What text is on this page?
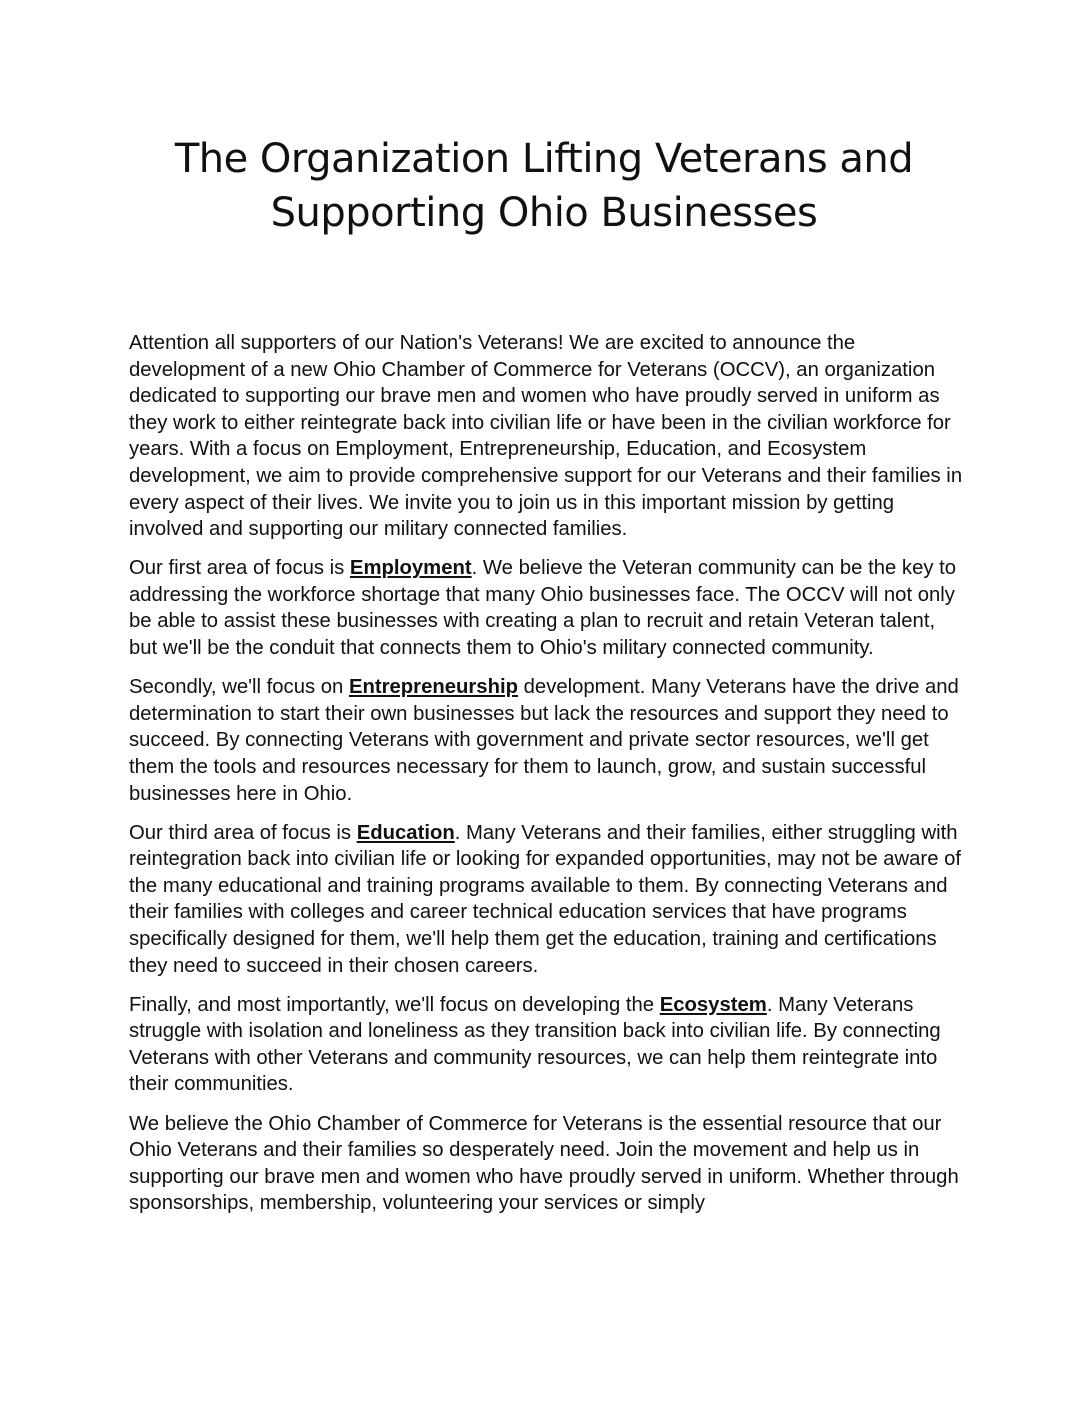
The Organization Lifting Veterans and
Supporting Ohio Businesses

Attention all supporters of our Nation's Veterans! We are excited to announce the development of a new Ohio Chamber of Commerce for Veterans (OCCV), an organization dedicated to supporting our brave men and women who have proudly served in uniform as they work to either reintegrate back into civilian life or have been in the civilian workforce for years. With a focus on Employment, Entrepreneurship, Education, and Ecosystem development, we aim to provide comprehensive support for our Veterans and their families in every aspect of their lives. We invite you to join us in this important mission by getting involved and supporting our military connected families.

Our first area of focus is Employment. We believe the Veteran community can be the key to addressing the workforce shortage that many Ohio businesses face. The OCCV will not only be able to assist these businesses with creating a plan to recruit and retain Veteran talent, but we'll be the conduit that connects them to Ohio's military connected community.

Secondly, we'll focus on Entrepreneurship development. Many Veterans have the drive and determination to start their own businesses but lack the resources and support they need to succeed. By connecting Veterans with government and private sector resources, we'll get them the tools and resources necessary for them to launch, grow, and sustain successful businesses here in Ohio.

Our third area of focus is Education. Many Veterans and their families, either struggling with reintegration back into civilian life or looking for expanded opportunities, may not be aware of the many educational and training programs available to them. By connecting Veterans and their families with colleges and career technical education services that have programs specifically designed for them, we'll help them get the education, training and certifications they need to succeed in their chosen careers.

Finally, and most importantly, we'll focus on developing the Ecosystem. Many Veterans struggle with isolation and loneliness as they transition back into civilian life. By connecting Veterans with other Veterans and community resources, we can help them reintegrate into their communities.

We believe the Ohio Chamber of Commerce for Veterans is the essential resource that our Ohio Veterans and their families so desperately need. Join the movement and help us in supporting our brave men and women who have proudly served in uniform. Whether through sponsorships, membership, volunteering your services or simply
